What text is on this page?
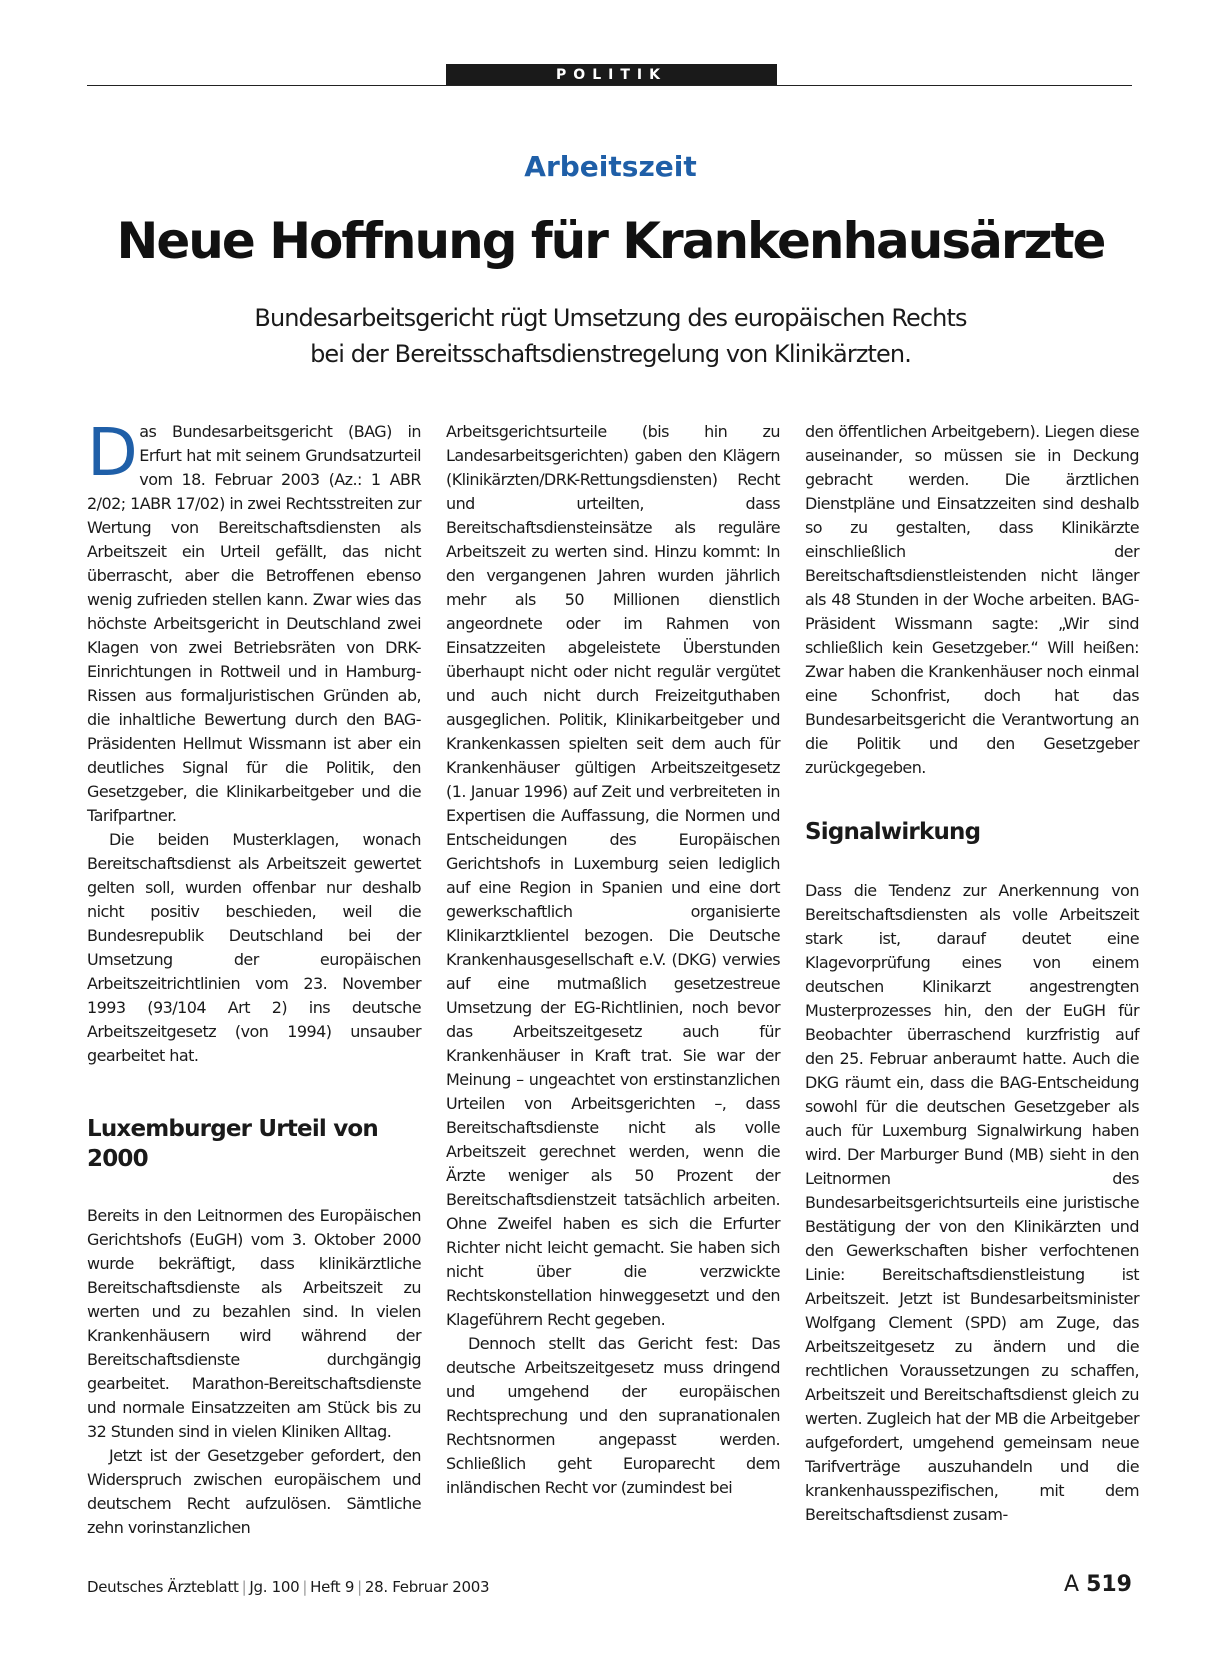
POLITIK
Arbeitszeit
Neue Hoffnung für Krankenhausärzte
Bundesarbeitsgericht rügt Umsetzung des europäischen Rechts
bei der Bereitsschaftsdienstregelung von Klinikärzten.

Das Bundesarbeitsgericht (BAG) in Erfurt hat mit seinem Grundsatzurteil vom 18. Februar 2003 (Az.: 1 ABR 2/02; 1ABR 17/02) in zwei Rechtsstreiten zur Wertung von Bereitschaftsdiensten als Arbeitszeit ein Urteil gefällt, das nicht überrascht, aber die Betroffenen ebenso wenig zufrieden stellen kann. Zwar wies das höchste Arbeitsgericht in Deutschland zwei Klagen von zwei Betriebsräten von DRK-Einrichtungen in Rottweil und in Hamburg-Rissen aus formaljuristischen Gründen ab, die inhaltliche Bewertung durch den BAG-Präsidenten Hellmut Wissmann ist aber ein deutliches Signal für die Politik, den Gesetzgeber, die Klinikarbeitgeber und die Tarifpartner.

Die beiden Musterklagen, wonach Bereitschaftsdienst als Arbeitszeit gewertet gelten soll, wurden offenbar nur deshalb nicht positiv beschieden, weil die Bundesrepublik Deutschland bei der Umsetzung der europäischen Arbeitszeitrichtlinien vom 23. November 1993 (93/104 Art 2) ins deutsche Arbeitszeitgesetz (von 1994) unsauber gearbeitet hat.

Luxemburger Urteil von 2000

Bereits in den Leitnormen des Europäischen Gerichtshofs (EuGH) vom 3. Oktober 2000 wurde bekräftigt, dass klinikärztliche Bereitschaftsdienste als Arbeitszeit zu werten und zu bezahlen sind. In vielen Krankenhäusern wird während der Bereitschaftsdienste durchgängig gearbeitet. Marathon-Bereitschaftsdienste und normale Einsatzzeiten am Stück bis zu 32 Stunden sind in vielen Kliniken Alltag.

Jetzt ist der Gesetzgeber gefordert, den Widerspruch zwischen europäischem und deutschem Recht aufzulösen. Sämtliche zehn vorinstanzlichen

Arbeitsgerichtsurteile (bis hin zu Landesarbeitsgerichten) gaben den Klägern (Klinikärzten/DRK-Rettungsdiensten) Recht und urteilten, dass Bereitschaftsdiensteinsätze als reguläre Arbeitszeit zu werten sind. Hinzu kommt: In den vergangenen Jahren wurden jährlich mehr als 50 Millionen dienstlich angeordnete oder im Rahmen von Einsatzzeiten abgeleistete Überstunden überhaupt nicht oder nicht regulär vergütet und auch nicht durch Freizeitguthaben ausgeglichen. Politik, Klinikarbeitgeber und Krankenkassen spielten seit dem auch für Krankenhäuser gültigen Arbeitszeitgesetz (1. Januar 1996) auf Zeit und verbreiteten in Expertisen die Auffassung, die Normen und Entscheidungen des Europäischen Gerichtshofs in Luxemburg seien lediglich auf eine Region in Spanien und eine dort gewerkschaftlich organisierte Klinikarztklientel bezogen. Die Deutsche Krankenhausgesellschaft e.V. (DKG) verwies auf eine mutmaßlich gesetzestreue Umsetzung der EG-Richtlinien, noch bevor das Arbeitszeitgesetz auch für Krankenhäuser in Kraft trat. Sie war der Meinung – ungeachtet von erstinstanzlichen Urteilen von Arbeitsgerichten –, dass Bereitschaftsdienste nicht als volle Arbeitszeit gerechnet werden, wenn die Ärzte weniger als 50 Prozent der Bereitschaftsdienstzeit tatsächlich arbeiten. Ohne Zweifel haben es sich die Erfurter Richter nicht leicht gemacht. Sie haben sich nicht über die verzwickte Rechtskonstellation hinweggesetzt und den Klageführern Recht gegeben.

Dennoch stellt das Gericht fest: Das deutsche Arbeitszeitgesetz muss dringend und umgehend der europäischen Rechtsprechung und den supranationalen Rechtsnormen angepasst werden. Schließlich geht Europarecht dem inländischen Recht vor (zumindest bei

den öffentlichen Arbeitgebern). Liegen diese auseinander, so müssen sie in Deckung gebracht werden. Die ärztlichen Dienstpläne und Einsatzzeiten sind deshalb so zu gestalten, dass Klinikärzte einschließlich der Bereitschaftsdienstleistenden nicht länger als 48 Stunden in der Woche arbeiten. BAG-Präsident Wissmann sagte: „Wir sind schließlich kein Gesetzgeber.“ Will heißen: Zwar haben die Krankenhäuser noch einmal eine Schonfrist, doch hat das Bundesarbeitsgericht die Verantwortung an die Politik und den Gesetzgeber zurückgegeben.

Signalwirkung

Dass die Tendenz zur Anerkennung von Bereitschaftsdiensten als volle Arbeitszeit stark ist, darauf deutet eine Klagevorprüfung eines von einem deutschen Klinikarzt angestrengten Musterprozesses hin, den der EuGH für Beobachter überraschend kurzfristig auf den 25. Februar anberaumt hatte. Auch die DKG räumt ein, dass die BAG-Entscheidung sowohl für die deutschen Gesetzgeber als auch für Luxemburg Signalwirkung haben wird. Der Marburger Bund (MB) sieht in den Leitnormen des Bundesarbeitsgerichtsurteils eine juristische Bestätigung der von den Klinikärzten und den Gewerkschaften bisher verfochtenen Linie: Bereitschaftsdienstleistung ist Arbeitszeit. Jetzt ist Bundesarbeitsminister Wolfgang Clement (SPD) am Zuge, das Arbeitszeitgesetz zu ändern und die rechtlichen Voraussetzungen zu schaffen, Arbeitszeit und Bereitschaftsdienst gleich zu werten. Zugleich hat der MB die Arbeitgeber aufgefordert, umgehend gemeinsam neue Tarifverträge auszuhandeln und die krankenhausspezifischen, mit dem Bereitschaftsdienst zusam-

Deutsches Ärzteblatt | Jg. 100 | Heft 9 | 28. Februar 2003	A 519
